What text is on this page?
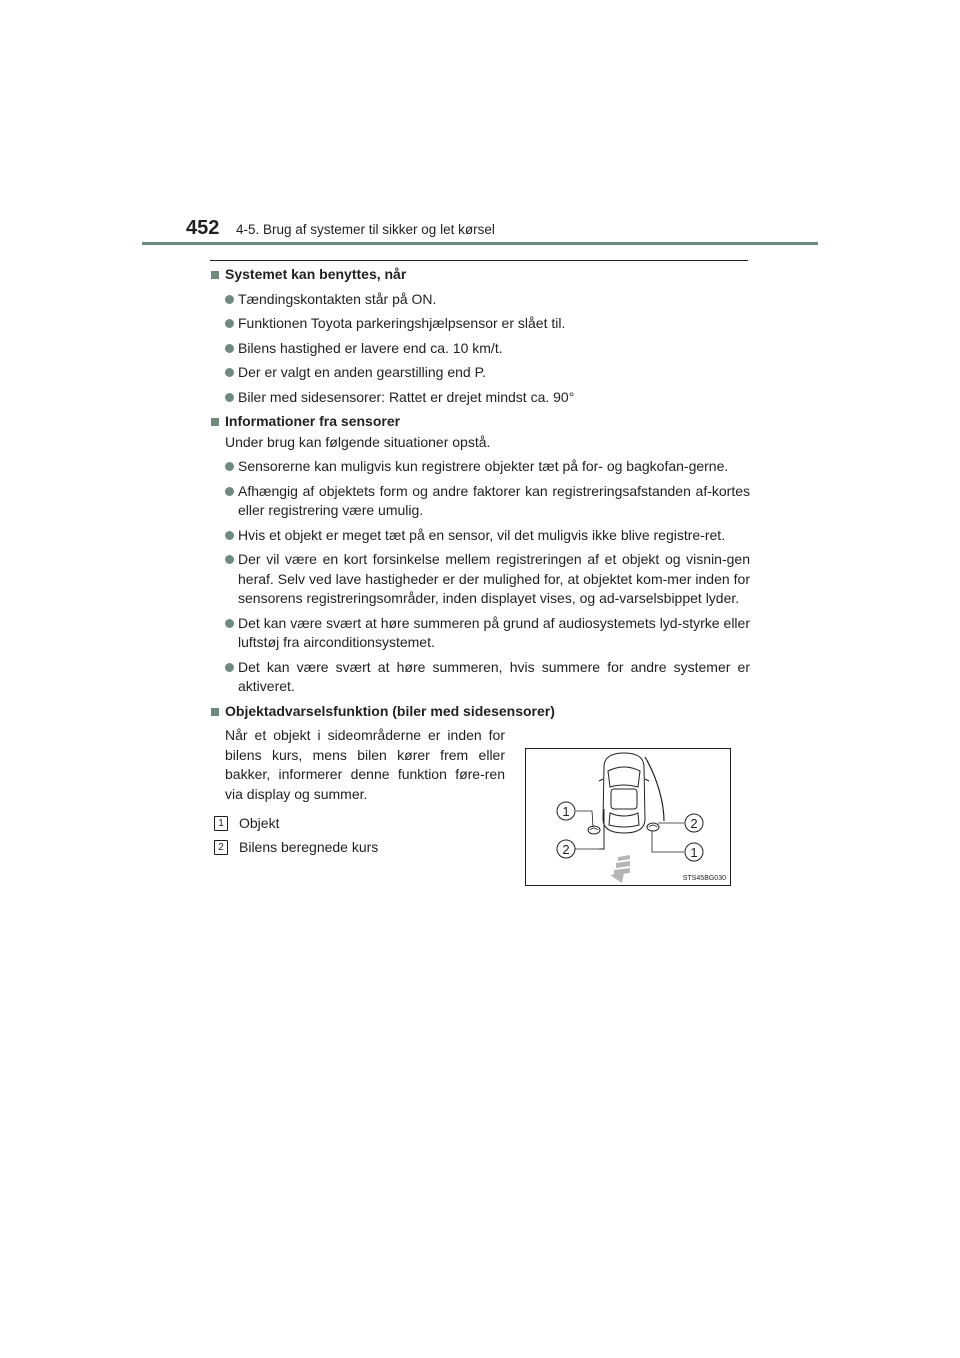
452 4-5. Brug af systemer til sikker og let kørsel
Systemet kan benyttes, når
Tændingskontakten står på ON.
Funktionen Toyota parkeringshjælpsensor er slået til.
Bilens hastighed er lavere end ca. 10 km/t.
Der er valgt en anden gearstilling end P.
Biler med sidesensorer: Rattet er drejet mindst ca. 90°
Informationer fra sensorer
Under brug kan følgende situationer opstå.
Sensorerne kan muligvis kun registrere objekter tæt på for- og bagkofan-gerne.
Afhængig af objektets form og andre faktorer kan registreringsafstanden af-kortes eller registrering være umulig.
Hvis et objekt er meget tæt på en sensor, vil det muligvis ikke blive registre-ret.
Der vil være en kort forsinkelse mellem registreringen af et objekt og visnin-gen heraf. Selv ved lave hastigheder er der mulighed for, at objektet kom-mer inden for sensorens registreringsområder, inden displayet vises, og ad-varselsbippet lyder.
Det kan være svært at høre summeren på grund af audiosystemets lyd-styrke eller luftstøj fra airconditionsystemet.
Det kan være svært at høre summeren, hvis summere for andre systemer er aktiveret.
Objektadvarselsfunktion (biler med sidesensorer)
Når et objekt i sideområderne er inden for bilens kurs, mens bilen kører frem eller bakker, informerer denne funktion føre-ren via display og summer.
1	Objekt
2	Bilens beregnede kurs
1
2
2
1
STS45BG030
